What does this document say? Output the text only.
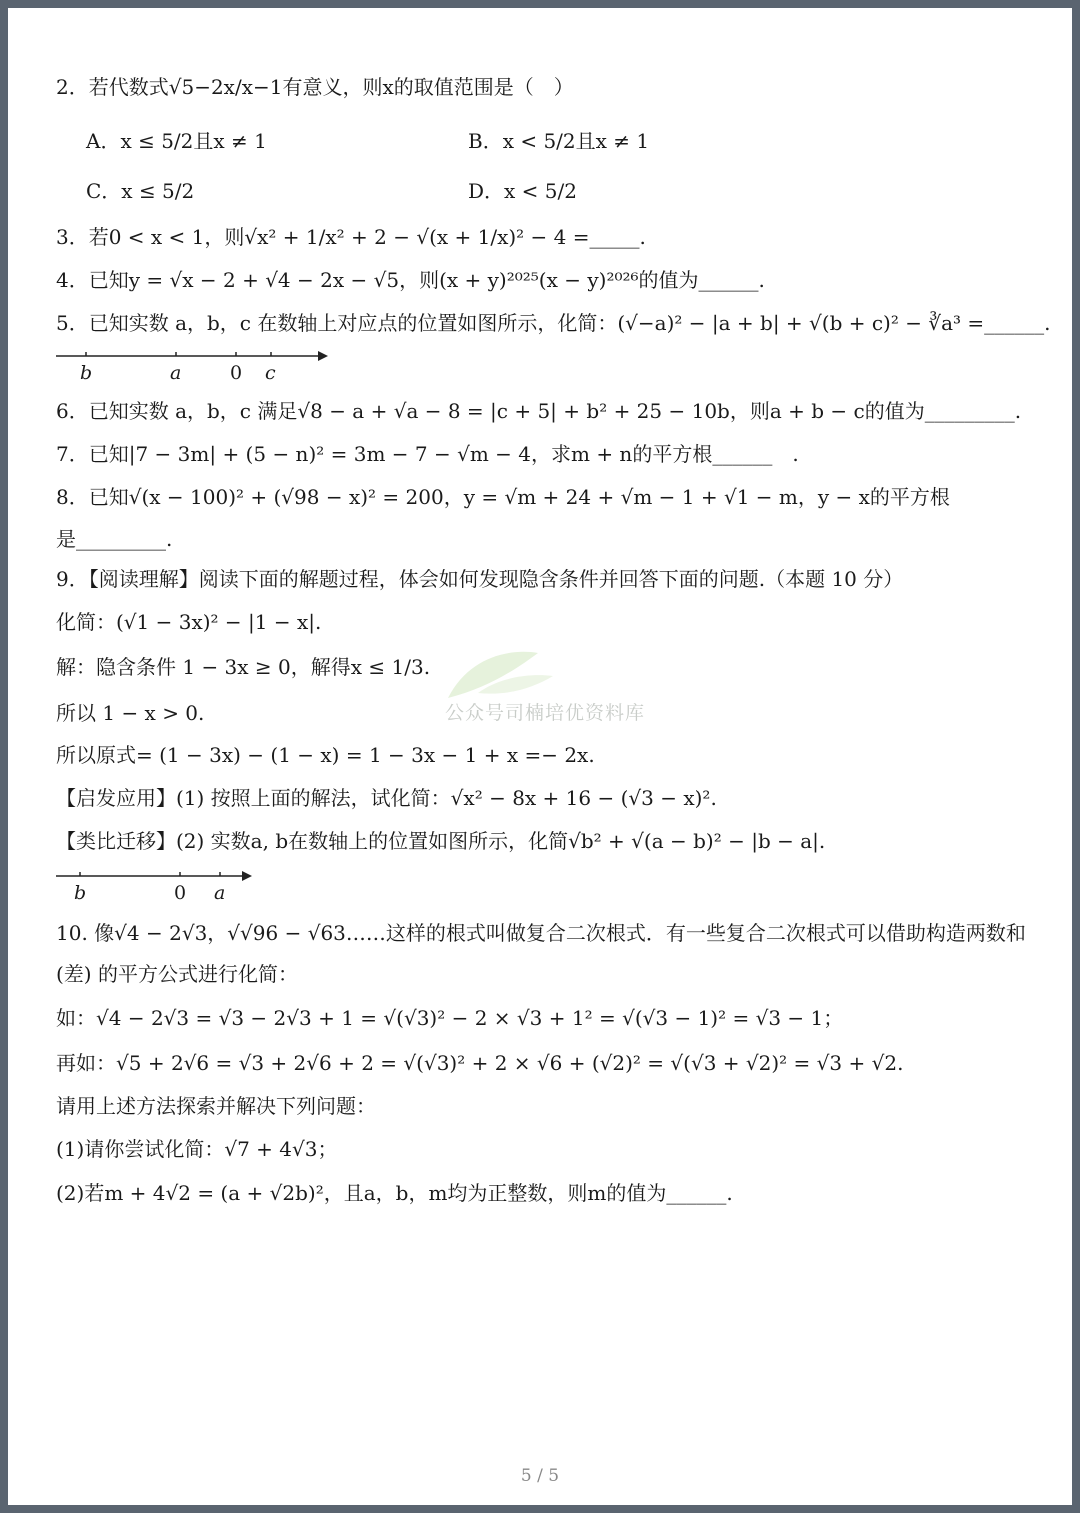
2．若代数式√5−2x/x−1有意义，则x的取值范围是（　）
A．x ≤ 5/2且x ≠ 1	B．x < 5/2且x ≠ 1
C．x ≤ 5/2	D．x < 5/2
3．若0 < x < 1，则√x² + 1/x² + 2 − √(x + 1/x)² − 4 =_____.
4．已知y = √x − 2 + √4 − 2x − √5，则(x + y)²⁰²⁵(x − y)²⁰²⁶的值为______.
5．已知实数 a，b，c 在数轴上对应点的位置如图所示，化简：(√−a)² − |a + b| + √(b + c)² − ∛a³ =______.
b	a	0 c
6．已知实数 a，b，c 满足√8 − a + √a − 8 = |c + 5| + b² + 25 − 10b，则a + b − c的值为_________.
7．已知|7 − 3m| + (5 − n)² = 3m − 7 − √m − 4，求m + n的平方根______　.
8．已知√(x − 100)² + (√98 − x)² = 200，y = √m + 24 + √m − 1 + √1 − m，y − x的平方根
是_________.
9．【阅读理解】阅读下面的解题过程，体会如何发现隐含条件并回答下面的问题.（本题 10 分）
化简：(√1 − 3x)² − |1 − x|.
解：隐含条件 1 − 3x ≥ 0，解得x ≤ 1/3.
所以 1 − x > 0.
所以原式= (1 − 3x) − (1 − x) = 1 − 3x − 1 + x =− 2x.
【启发应用】(1) 按照上面的解法，试化简：√x² − 8x + 16 − (√3 − x)².
【类比迁移】(2) 实数a, b在数轴上的位置如图所示，化简√b² + √(a − b)² − |b − a|.
b	0 a
10. 像√4 − 2√3，√√96 − √63……这样的根式叫做复合二次根式．有一些复合二次根式可以借助构造两数和
(差) 的平方公式进行化简：
如：√4 − 2√3 = √3 − 2√3 + 1 = √(√3)² − 2 × √3 + 1² = √(√3 − 1)² = √3 − 1；
再如：√5 + 2√6 = √3 + 2√6 + 2 = √(√3)² + 2 × √6 + (√2)² = √(√3 + √2)² = √3 + √2.
请用上述方法探索并解决下列问题：
(1)请你尝试化简：√7 + 4√3；
(2)若m + 4√2 = (a + √2b)²，且a，b，m均为正整数，则m的值为______.
公众号司楠培优资料库
5 / 5
